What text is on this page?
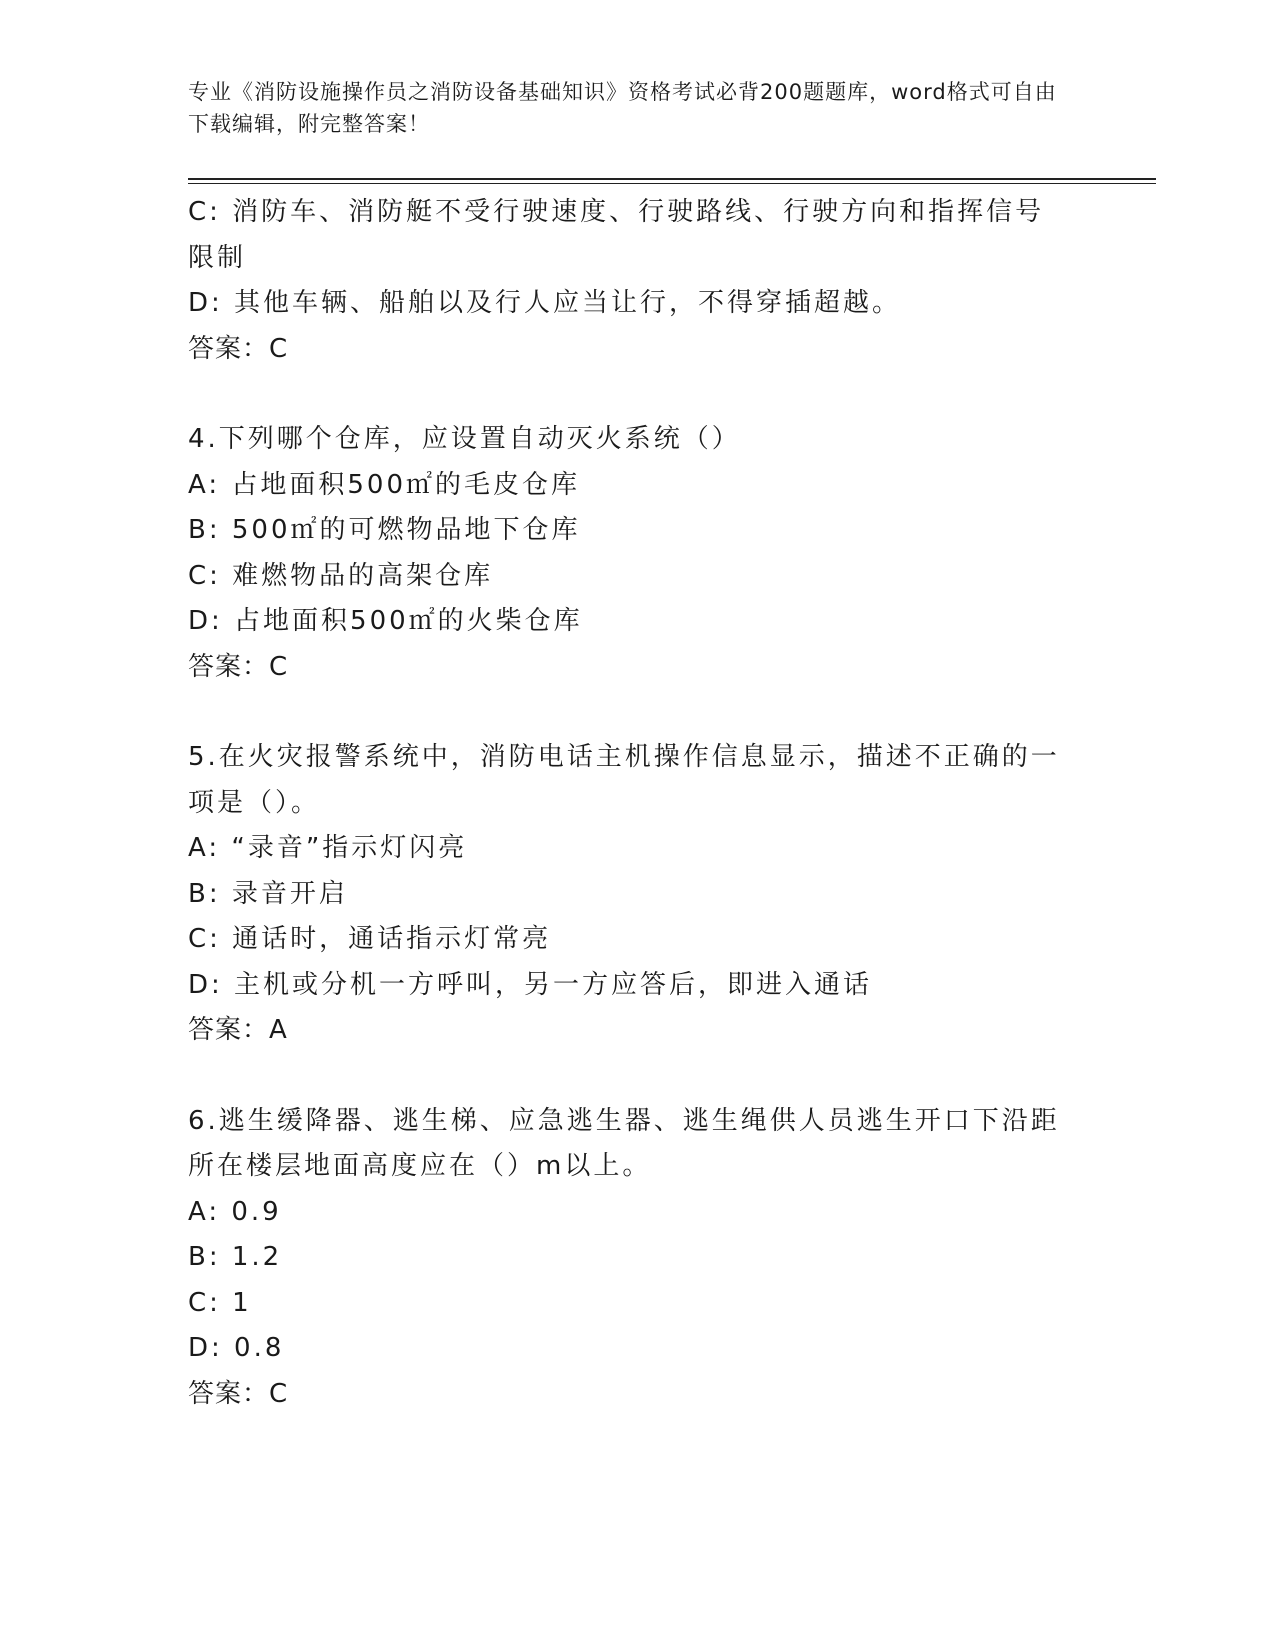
专业《消防设施操作员之消防设备基础知识》资格考试必背200题题库，word格式可自由下载编辑，附完整答案！
C: 消防车、消防艇不受行驶速度、行驶路线、行驶方向和指挥信号限制
D: 其他车辆、船舶以及行人应当让行，不得穿插超越。
答案：C
4.下列哪个仓库，应设置自动灭火系统（）
A: 占地面积500㎡的毛皮仓库
B: 500㎡的可燃物品地下仓库
C: 难燃物品的高架仓库
D: 占地面积500㎡的火柴仓库
答案：C
5.在火灾报警系统中，消防电话主机操作信息显示，描述不正确的一项是（）。
A: “录音”指示灯闪亮
B: 录音开启
C: 通话时，通话指示灯常亮
D: 主机或分机一方呼叫，另一方应答后，即进入通话
答案：A
6.逃生缓降器、逃生梯、应急逃生器、逃生绳供人员逃生开口下沿距所在楼层地面高度应在（）m以上。
A: 0.9
B: 1.2
C: 1
D: 0.8
答案：C
